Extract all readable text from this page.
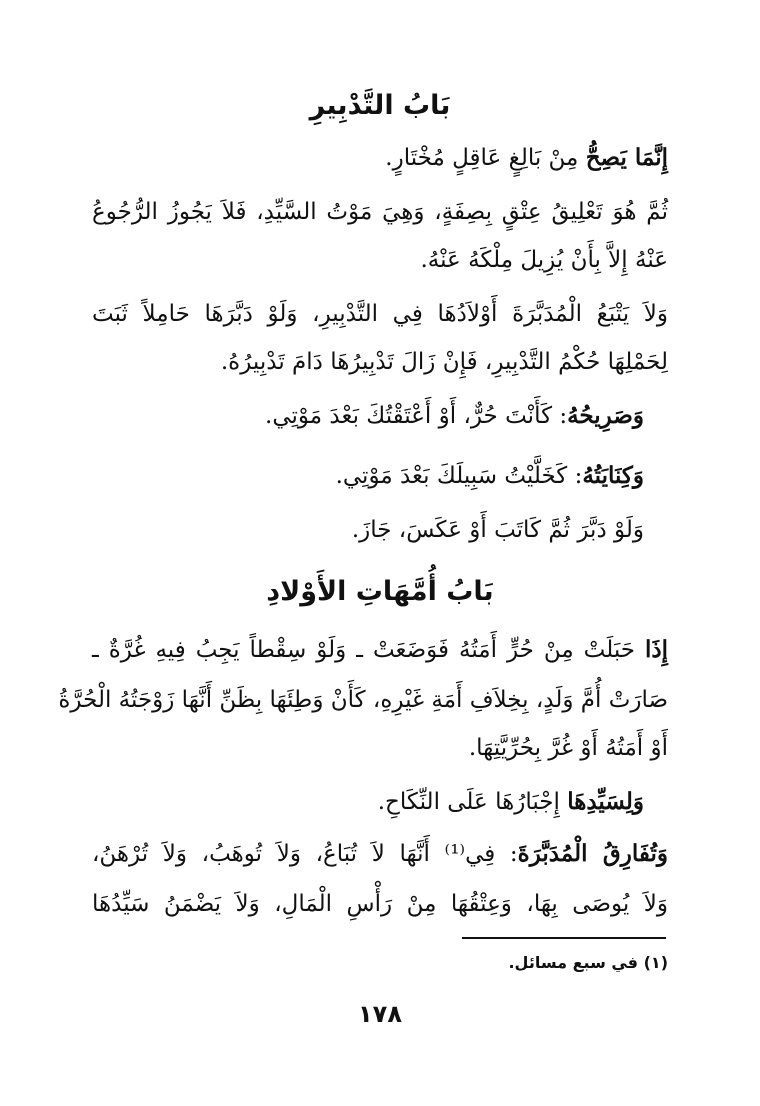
بَابُ التَّدْبِيرِ
إِنَّمَا يَصِحُّ مِنْ بَالِغٍ عَاقِلٍ مُخْتَارٍ.
ثُمَّ هُوَ تَعْلِيقُ عِتْقٍ بِصِفَةٍ، وَهِيَ مَوْتُ السَّيِّدِ، فَلاَ يَجُوزُ الرُّجُوعُ
عَنْهُ إِلاَّ بِأَنْ يُزِيلَ مِلْكَهُ عَنْهُ.
وَلاَ يَتْبَعُ الْمُدَبَّرَةَ أَوْلاَدُهَا فِي التَّدْبِيرِ، وَلَوْ دَبَّرَهَا حَامِلاً ثَبَتَ
لِحَمْلِهَا حُكْمُ التَّدْبِيرِ، فَإِنْ زَالَ تَدْبِيرُهَا دَامَ تَدْبِيرُهُ.
وَصَرِيحُهُ: كَأَنْتَ حُرٌّ، أَوْ أَعْتَقْتُكَ بَعْدَ مَوْتِي.
وَكِنَايَتُهُ: كَخَلَّيْتُ سَبِيلَكَ بَعْدَ مَوْتِي.
وَلَوْ دَبَّرَ ثُمَّ كَاتَبَ أَوْ عَكَسَ، جَازَ.
بَابُ أُمَّهَاتِ الأَوْلادِ
إِذَا حَبَلَتْ مِنْ حُرٍّ أَمَتُهُ فَوَضَعَتْ ـ وَلَوْ سِقْطاً يَجِبُ فِيهِ غُرَّةٌ ـ
صَارَتْ أُمَّ وَلَدٍ، بِخِلاَفِ أَمَةِ غَيْرِهِ، كَأَنْ وَطِئَهَا بِظَنِّ أَنَّهَا زَوْجَتُهُ الْحُرَّةُ
أَوْ أَمَتُهُ أَوْ غُرَّ بِحُرِّيَّتِهَا.
وَلِسَيِّدِهَا إِجْبَارُهَا عَلَى النِّكَاحِ.
وَتُفَارِقُ الْمُدَبَّرَةَ: فِي⁽¹⁾ أَنَّهَا لاَ تُبَاعُ، وَلاَ تُوهَبُ، وَلاَ تُرْهَنُ،
وَلاَ يُوصَى بِهَا، وَعِتْقُهَا مِنْ رَأْسِ الْمَالِ، وَلاَ يَضْمَنُ سَيِّدُهَا
(١) في سبع مسائل.
١٧٨
